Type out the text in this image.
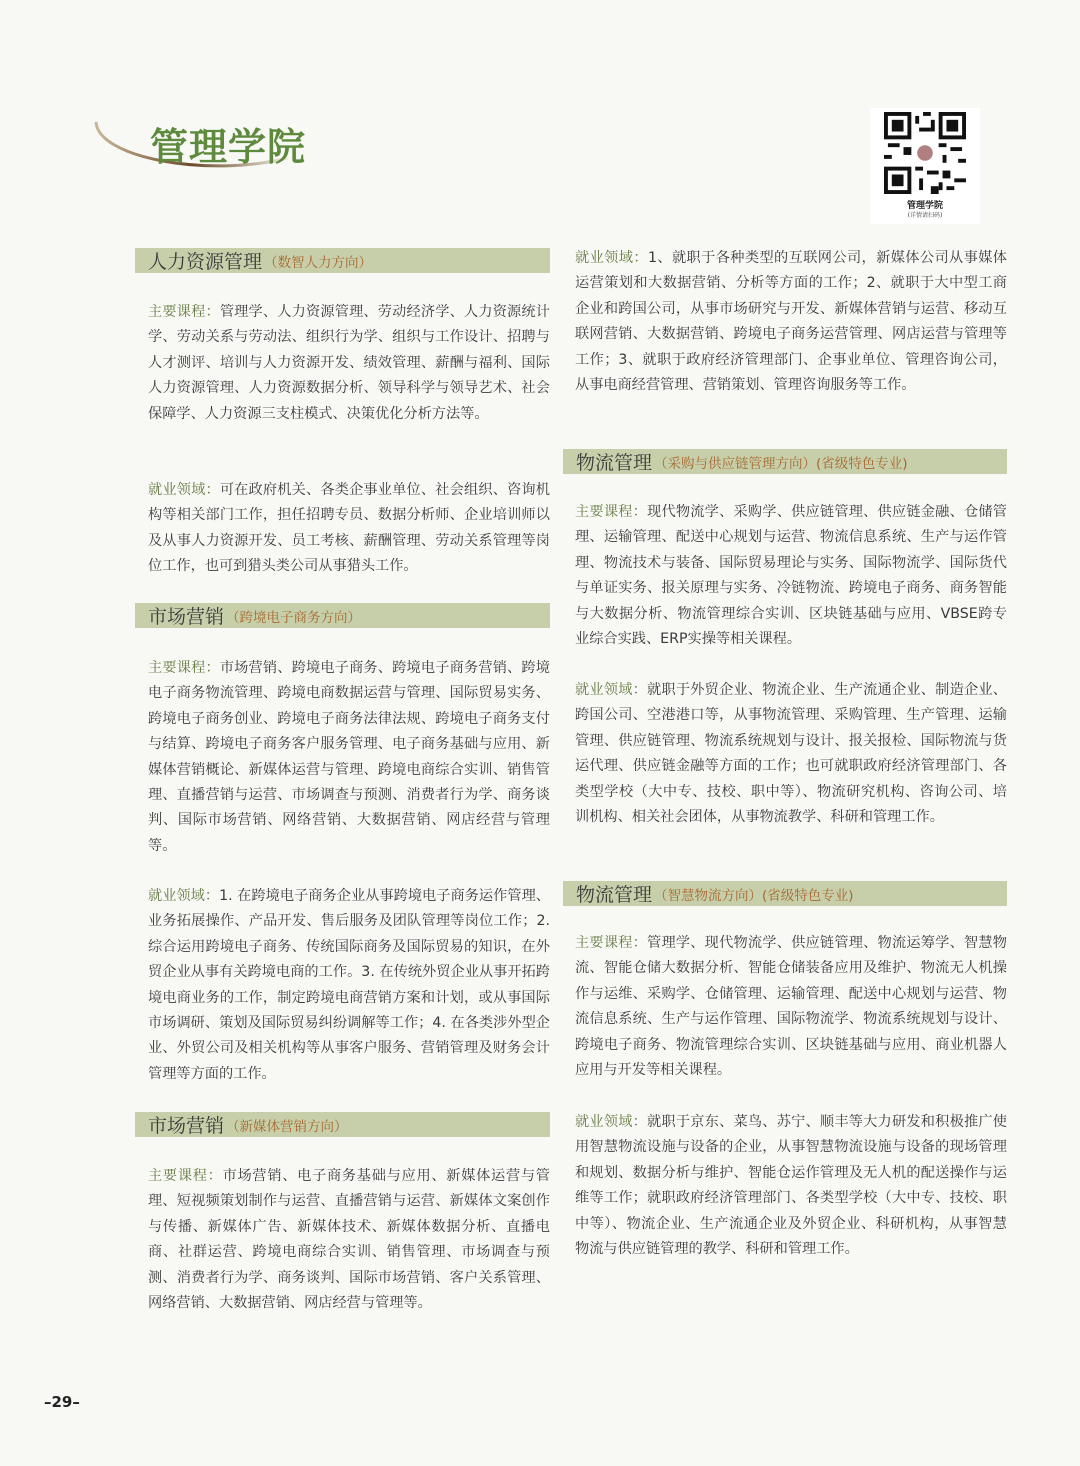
管理学院
管理学院
(详情请扫码)
人力资源管理 （数智人力方向）
主要课程：管理学、人力资源管理、劳动经济学、人力资源统计学、劳动关系与劳动法、组织行为学、组织与工作设计、招聘与人才测评、培训与人力资源开发、绩效管理、薪酬与福利、国际人力资源管理、人力资源数据分析、领导科学与领导艺术、社会保障学、人力资源三支柱模式、决策优化分析方法等。
就业领域：可在政府机关、各类企事业单位、社会组织、咨询机构等相关部门工作，担任招聘专员、数据分析师、企业培训师以及从事人力资源开发、员工考核、薪酬管理、劳动关系管理等岗位工作，也可到猎头类公司从事猎头工作。
市场营销 （跨境电子商务方向）
主要课程：市场营销、跨境电子商务、跨境电子商务营销、跨境电子商务物流管理、跨境电商数据运营与管理、国际贸易实务、跨境电子商务创业、跨境电子商务法律法规、跨境电子商务支付与结算、跨境电子商务客户服务管理、电子商务基础与应用、新媒体营销概论、新媒体运营与管理、跨境电商综合实训、销售管理、直播营销与运营、市场调查与预测、消费者行为学、商务谈判、国际市场营销、网络营销、大数据营销、网店经营与管理等。
就业领域：1. 在跨境电子商务企业从事跨境电子商务运作管理、业务拓展操作、产品开发、售后服务及团队管理等岗位工作；2. 综合运用跨境电子商务、传统国际商务及国际贸易的知识，在外贸企业从事有关跨境电商的工作。3. 在传统外贸企业从事开拓跨境电商业务的工作，制定跨境电商营销方案和计划，或从事国际市场调研、策划及国际贸易纠纷调解等工作；4. 在各类涉外型企业、外贸公司及相关机构等从事客户服务、营销管理及财务会计管理等方面的工作。
市场营销 （新媒体营销方向）
主要课程：市场营销、电子商务基础与应用、新媒体运营与管理、短视频策划制作与运营、直播营销与运营、新媒体文案创作与传播、新媒体广告、新媒体技术、新媒体数据分析、直播电商、社群运营、跨境电商综合实训、销售管理、市场调查与预测、消费者行为学、商务谈判、国际市场营销、客户关系管理、网络营销、大数据营销、网店经营与管理等。
就业领域：1、就职于各种类型的互联网公司，新媒体公司从事媒体运营策划和大数据营销、分析等方面的工作；2、就职于大中型工商企业和跨国公司，从事市场研究与开发、新媒体营销与运营、移动互联网营销、大数据营销、跨境电子商务运营管理、网店运营与管理等工作；3、就职于政府经济管理部门、企事业单位、管理咨询公司，从事电商经营管理、营销策划、管理咨询服务等工作。
物流管理 （采购与供应链管理方向）(省级特色专业)
主要课程：现代物流学、采购学、供应链管理、供应链金融、仓储管理、运输管理、配送中心规划与运营、物流信息系统、生产与运作管理、物流技术与装备、国际贸易理论与实务、国际物流学、国际货代与单证实务、报关原理与实务、冷链物流、跨境电子商务、商务智能与大数据分析、物流管理综合实训、区块链基础与应用、VBSE跨专业综合实践、ERP实操等相关课程。
就业领域：就职于外贸企业、物流企业、生产流通企业、制造企业、跨国公司、空港港口等，从事物流管理、采购管理、生产管理、运输管理、供应链管理、物流系统规划与设计、报关报检、国际物流与货运代理、供应链金融等方面的工作；也可就职政府经济管理部门、各类型学校（大中专、技校、职中等）、物流研究机构、咨询公司、培训机构、相关社会团体，从事物流教学、科研和管理工作。
物流管理 （智慧物流方向）(省级特色专业)
主要课程：管理学、现代物流学、供应链管理、物流运筹学、智慧物流、智能仓储大数据分析、智能仓储装备应用及维护、物流无人机操作与运维、采购学、仓储管理、运输管理、配送中心规划与运营、物流信息系统、生产与运作管理、国际物流学、物流系统规划与设计、跨境电子商务、物流管理综合实训、区块链基础与应用、商业机器人应用与开发等相关课程。
就业领域：就职于京东、菜鸟、苏宁、顺丰等大力研发和积极推广使用智慧物流设施与设备的企业，从事智慧物流设施与设备的现场管理和规划、数据分析与维护、智能仓运作管理及无人机的配送操作与运维等工作；就职政府经济管理部门、各类型学校（大中专、技校、职中等）、物流企业、生产流通企业及外贸企业、科研机构，从事智慧物流与供应链管理的教学、科研和管理工作。
–29–
